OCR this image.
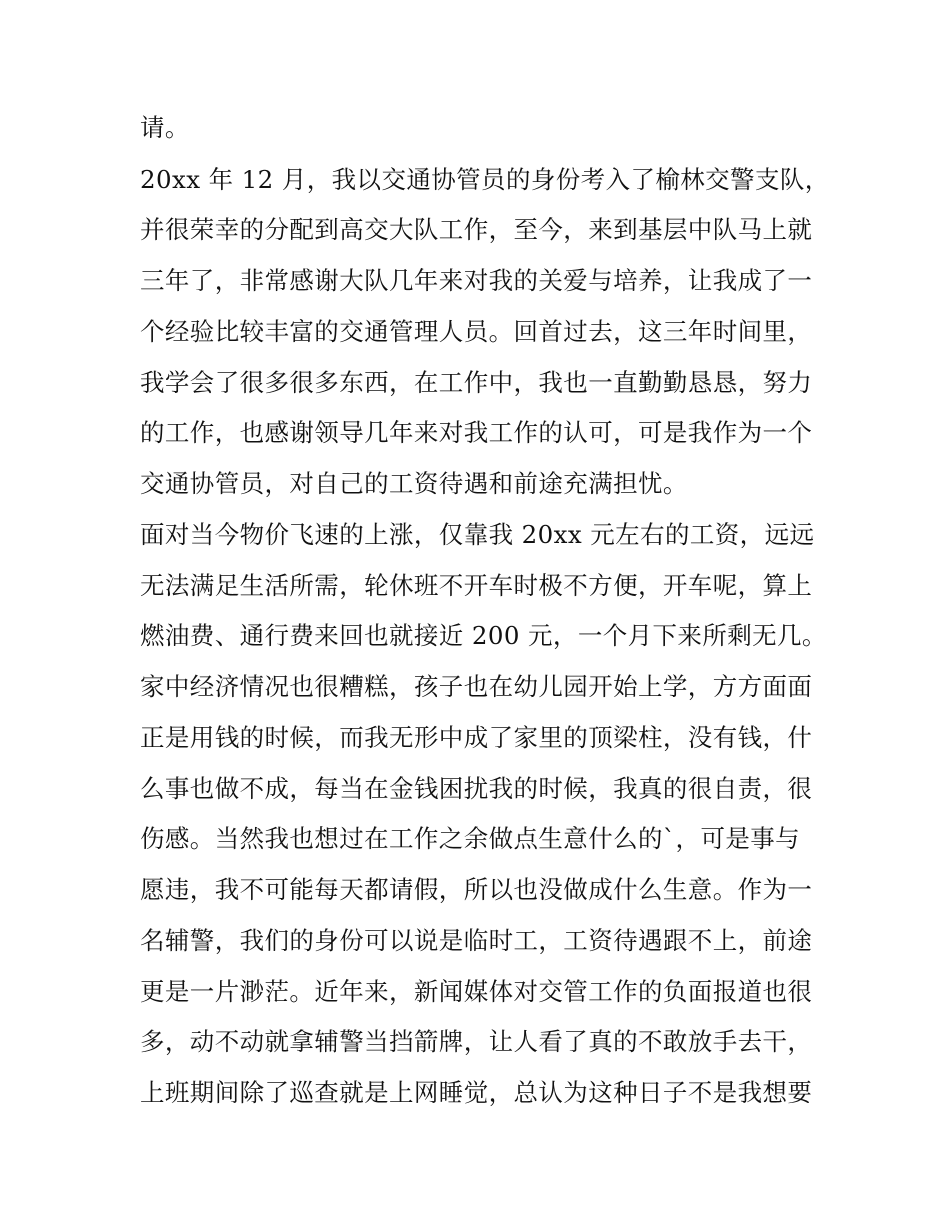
请。
20xx 年 12 月，我以交通协管员的身份考入了榆林交警支队，
并很荣幸的分配到高交大队工作，至今，来到基层中队马上就
三年了，非常感谢大队几年来对我的关爱与培养，让我成了一
个经验比较丰富的交通管理人员。回首过去，这三年时间里，
我学会了很多很多东西，在工作中，我也一直勤勤恳恳，努力
的工作，也感谢领导几年来对我工作的认可，可是我作为一个
交通协管员，对自己的工资待遇和前途充满担忧。
面对当今物价飞速的上涨，仅靠我 20xx 元左右的工资，远远
无法满足生活所需，轮休班不开车时极不方便，开车呢，算上
燃油费、通行费来回也就接近 200 元，一个月下来所剩无几。
家中经济情况也很糟糕，孩子也在幼儿园开始上学，方方面面
正是用钱的时候，而我无形中成了家里的顶梁柱，没有钱，什
么事也做不成，每当在金钱困扰我的时候，我真的很自责，很
伤感。当然我也想过在工作之余做点生意什么的`，可是事与
愿违，我不可能每天都请假，所以也没做成什么生意。作为一
名辅警，我们的身份可以说是临时工，工资待遇跟不上，前途
更是一片渺茫。近年来，新闻媒体对交管工作的负面报道也很
多，动不动就拿辅警当挡箭牌，让人看了真的不敢放手去干，
上班期间除了巡查就是上网睡觉，总认为这种日子不是我想要
